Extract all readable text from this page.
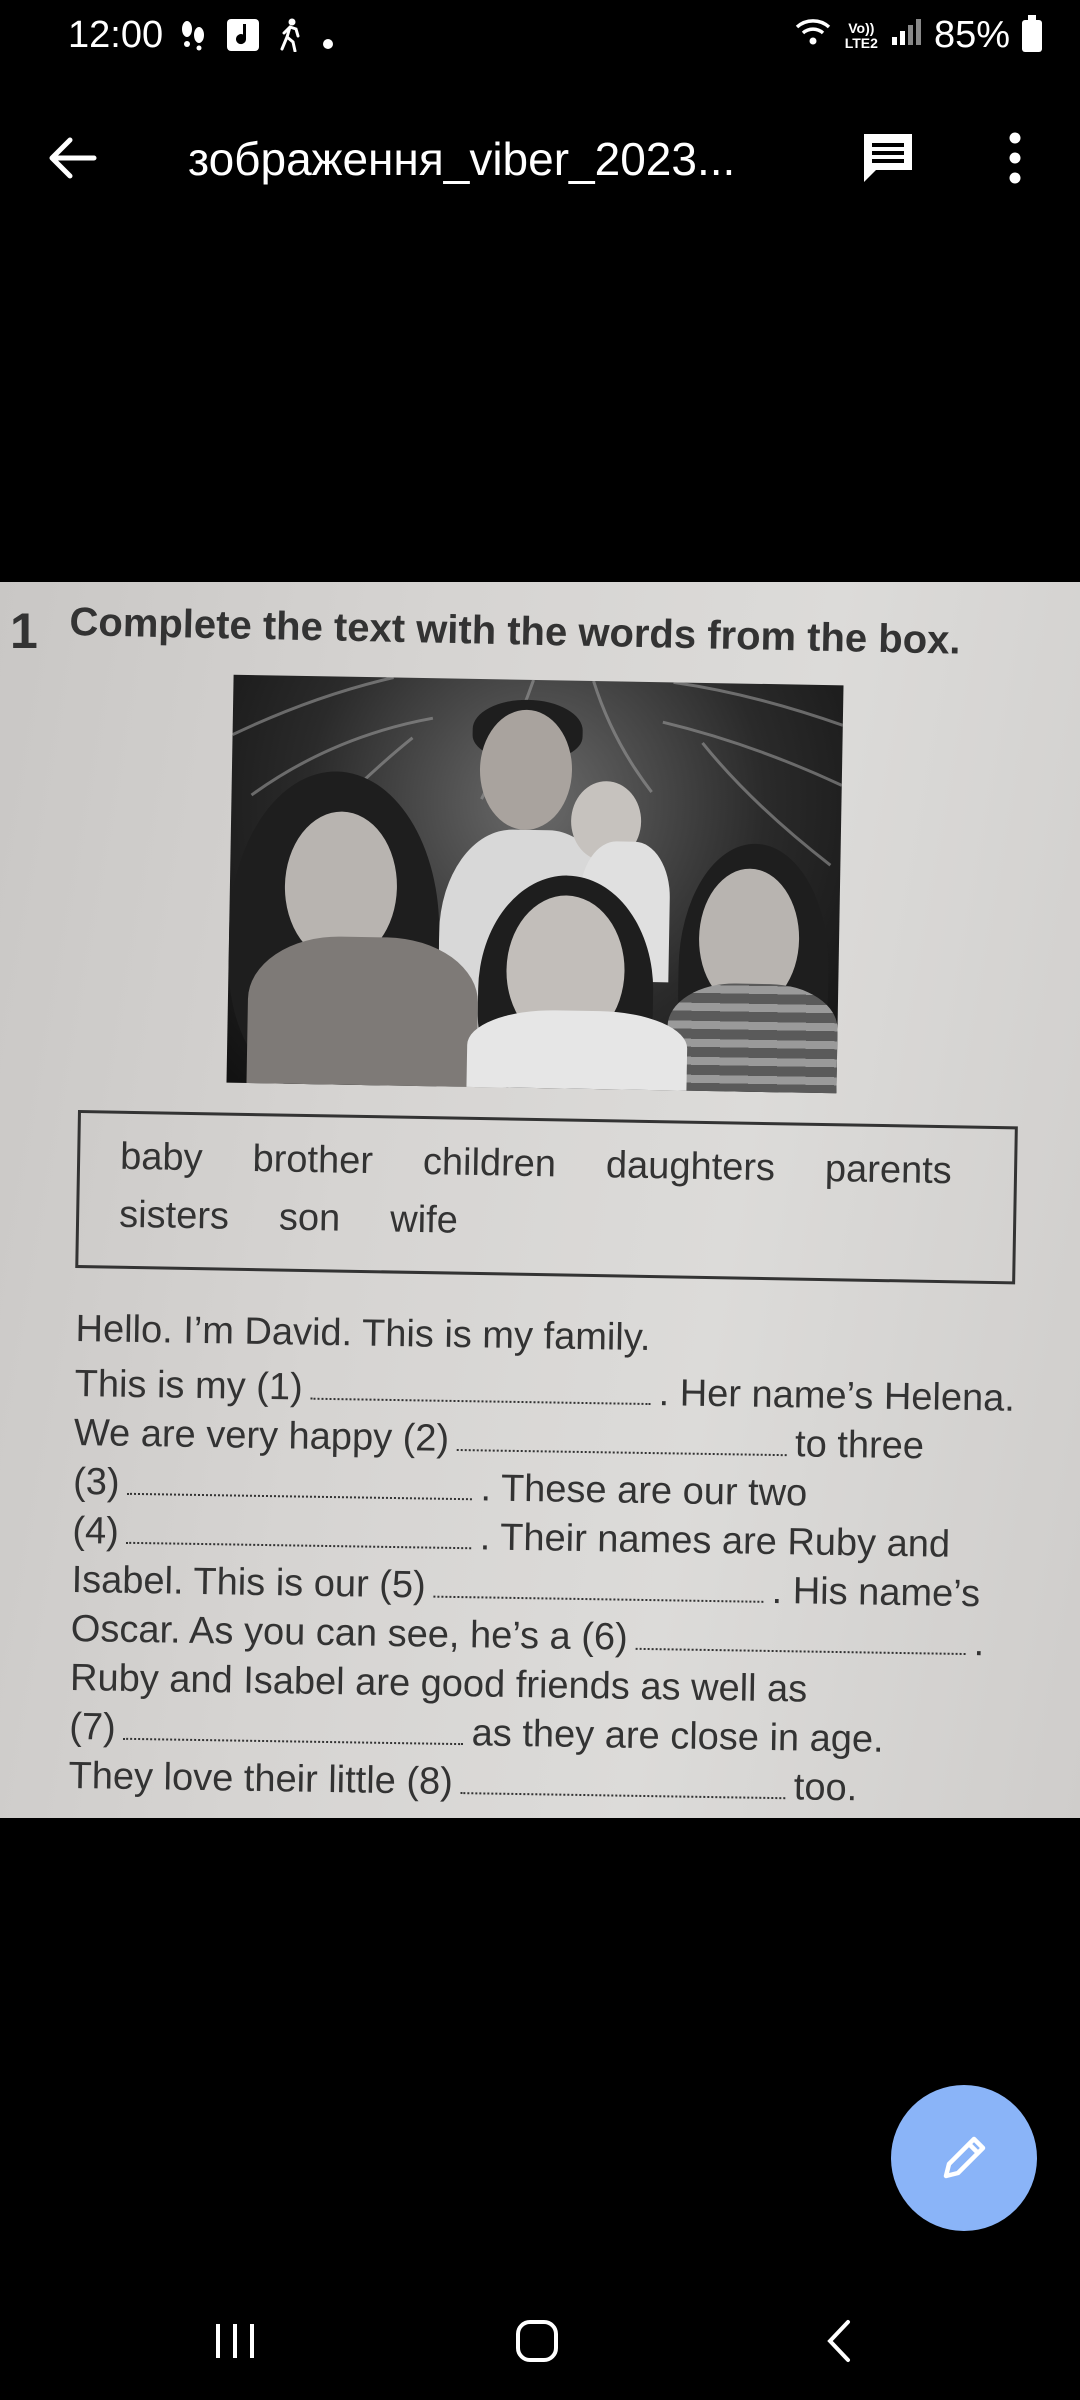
12:00	Vo))
LTE2 85%
зображення_viber_2023...
1 Complete the text with the words from the box.
baby brother children daughters parents
sisters son wife
Hello. I’m David. This is my family.
This is my (1)	. Her name’s Helena.
We are very happy (2)	to three
(3)	. These are our two
(4)	. Their names are Ruby and
Isabel. This is our (5)	. His name’s
Oscar. As you can see, he’s a (6)	.
Ruby and Isabel are good friends as well as
(7)	as they are close in age.
They love their little (8)	too.
